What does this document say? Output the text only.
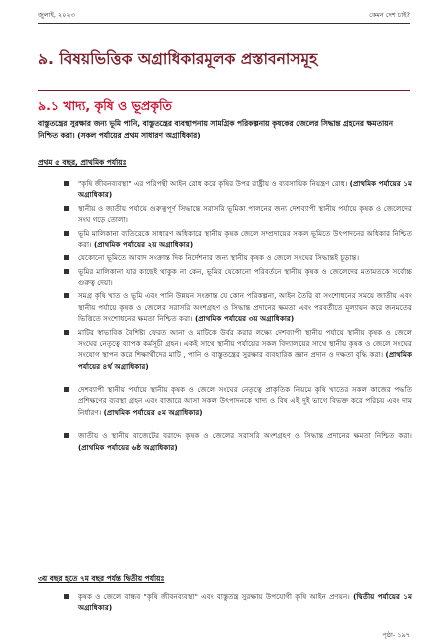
জুলাই, ২০২৩	কেমন দেশ চাই?
৯. বিষয়ভিত্তিক অগ্রাধিকারমূলক প্রস্তাবনাসমূহ
৯.১ খাদ্য, কৃষি ও ভূপ্রকৃতি

বাস্তুতন্ত্রের সুরক্ষার জন্য ভূমি পানি, বাস্তুতন্ত্রের ব্যবস্থাপনায় সামগ্রিক পরিকল্পনায় কৃষকের জেলের সিদ্ধান্ত গ্রহনের ক্ষমতায়ন নিশ্চিত করা। (সকল পর্যায়ের প্রথম সাধারণ অগ্রাধিকার)

প্রথম ৫ বছর, প্রাথমিক পর্যায়ঃ
"কৃষি জীবনব্যবস্থা" এর পরিপন্থী আইন রোধ করে কৃষির উপর রাষ্ট্রীয় ও ব্যবসায়িক নিয়ন্ত্রণ রোধ। (প্রাথমিক পর্যায়ের ১ম অগ্রাধিকার)
স্থানীয় ও জাতীয় পর্যায়ে গুরুত্বপূর্ণ সিদ্ধান্তে সরাসরি ভূমিকা পালনের জন্য দেশব্যাপী স্থানীয় পর্যায়ে কৃষক ও জেলেদের সংঘ গড়ে তোলা।
ভূমি মালিকানা ব্যতিরেকে সাধারণ অধিকারে স্থানীয় কৃষক জেলে সম্প্রদায়ের সকল ভূমিতে উৎপাদনের অধিকার নিশ্চিত করা। (প্রাথমিক পর্যায়ের ২য় অগ্রাধিকার)
যেকোনো ভূমিতে আবাদ সংক্রান্ত দিক নির্দেশনার জন্য স্থানীয় কৃষক ও জেলে সংঘের সিদ্ধান্তই চূড়ান্ত।
ভূমির মালিকানা যার কাছেই থাকুক না কেন, ভূমির যেকোনো পরিবর্তনে স্থানীয় কৃষক ও জেলেদের মতামতকে সর্বোচ্চ গুরুত্ব দেয়া।
সমগ্র কৃষি খাত ও ভূমি এবং পানি উন্নয়ন সংক্রান্ত যে কোন পরিকল্পনা, আইন তৈরি বা সংশোধনের সময়ে জাতীয় এবং স্থানীয় পর্যায়ে কৃষক ও জেলের সরাসরি অংশগ্রহণ ও সিদ্ধান্ত প্রদানের ক্ষমতা এবং পরবর্তীতে মূল্যায়ন করে জনমতের ভিত্তিতে সংশোধনের ক্ষমতা নিশ্চিত করা। (প্রাথমিক পর্যায়ের ৩য় অগ্রাধিকার)
মাটির স্বাভাবিক বৈশিষ্ট্য ফেরত আনা ও মাটিকে উর্বর করার লক্ষ্যে দেশব্যাপী স্থানীয় পর্যায়ে স্থানীয় কৃষক ও জেলে সংঘের নেতৃত্বে ব্যাপক কর্মসূচী গ্রহন। একই সাথে স্থানীয় পর্যায়ের সকল বিদ্যালয়ের সাথে স্থানীয় কৃষক ও জেলে সংঘের সংযোগ স্থাপন করে শিক্ষার্থীদের মাটি , পানি ও বাস্তুতন্ত্রের সুরক্ষার ব্যবহারিক জ্ঞান প্রদান ও দক্ষতা বৃদ্ধি করা। (প্রাথমিক পর্যায়ের ৪র্থ অগ্রাধিকার)
দেশব্যাপী স্থানীয় পর্যায়ে স্থানীয় কৃষক ও জেলে সংঘের নেতৃত্বে প্রাকৃতিক নিয়মে কৃষি খাতের সকল কাজের পদ্ধতি প্রশিক্ষণের ব্যবস্থা গ্রহন এবং বাজারে আসা সকল উৎপাদনকে খাদ্য ও বিষ এই দুই ভাগে বিভক্ত করে পরিচয় এবং দাম নির্ধারণ। (প্রাথমিক পর্যায়ের ৫ম অগ্রাধিকার)
জাতীয় ও স্থানীয় বাজেটের বরাদ্দে কৃষক ও জেলের সরাসরি অংশগ্রহণ ও সিদ্ধান্ত প্রদানের ক্ষমতা নিশ্চিত করা। (প্রাথমিক পর্যায়ের ৬ষ্ঠ অগ্রাধিকার)
৩য় বছর হতে ৭ম বছর পর্যন্ত দ্বিতীয় পর্যায়ঃ
কৃষক ও জেলে বান্ধব "কৃষি জীবনব্যবস্থা" এবং বাস্তুতন্ত্র সুরক্ষায় উপযোগী কৃষি আইন প্রণয়ন। (দ্বিতীয় পর্যায়ের ১ম অগ্রাধিকার)
পৃষ্ঠা- ১৯৭
